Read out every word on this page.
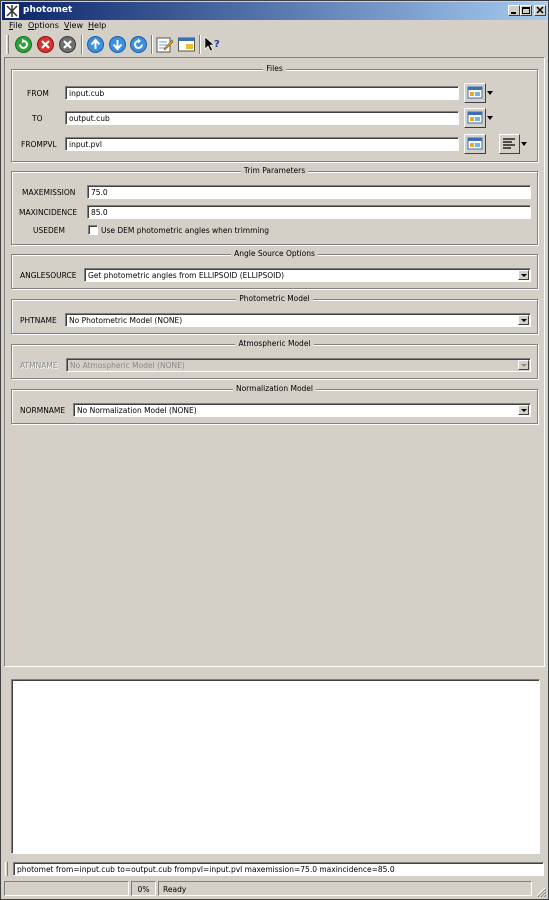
photomet
File Options View Help
?
Files
FROM	input.cub
TO	output.cub
FROMPVL	input.pvl
Trim Parameters
MAXEMISSION	75.0
MAXINCIDENCE	85.0
USEDEM	Use DEM photometric angles when trimming
Angle Source Options
ANGLESOURCE Get photometric angles from ELLIPSOID (ELLIPSOID)
Photometric Model
PHTNAME No Photometric Model (NONE)
Atmospheric Model
ATMNAME No Atmospheric Model (NONE)
Normalization Model
NORMNAME No Normalization Model (NONE)
photomet from=input.cub to=output.cub frompvl=input.pvl maxemission=75.0 maxincidence=85.0
0%	Ready
